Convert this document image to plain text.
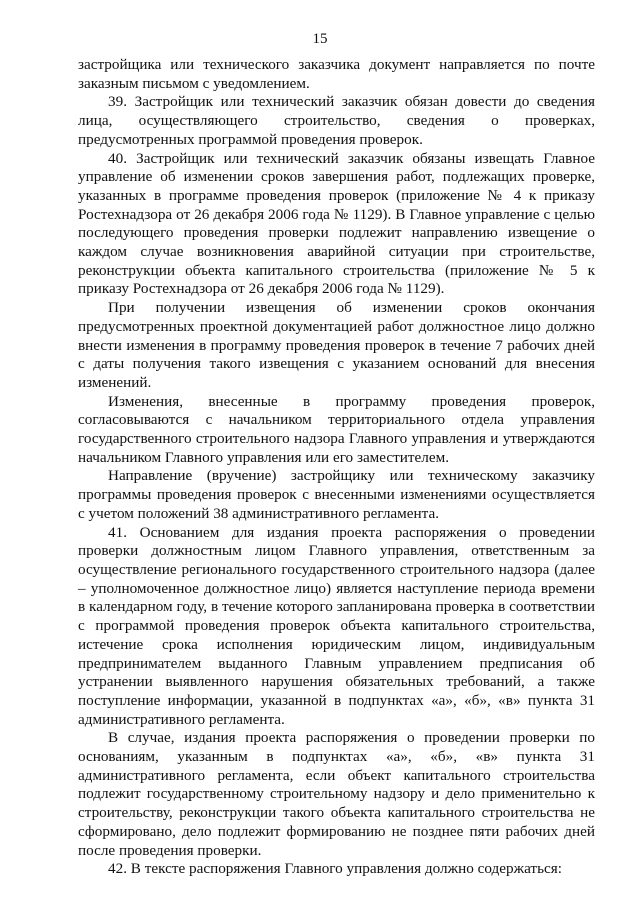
15

застройщика или технического заказчика документ направляется по почте заказным письмом с уведомлением.

39. Застройщик или технический заказчик обязан довести до сведения лица, осуществляющего строительство, сведения о проверках, предусмотренных программой проведения проверок.

40. Застройщик или технический заказчик обязаны извещать Главное управление об изменении сроков завершения работ, подлежащих проверке, указанных в программе проведения проверок (приложение № 4 к приказу Ростехнадзора от 26 декабря 2006 года № 1129). В Главное управление с целью последующего проведения проверки подлежит направлению извещение о каждом случае возникновения аварийной ситуации при строительстве, реконструкции объекта капитального строительства (приложение № 5 к приказу Ростехнадзора от 26 декабря 2006 года № 1129).

При получении извещения об изменении сроков окончания предусмотренных проектной документацией работ должностное лицо должно внести изменения в программу проведения проверок в течение 7 рабочих дней с даты получения такого извещения с указанием оснований для внесения изменений.

Изменения, внесенные в программу проведения проверок, согласовываются с начальником территориального отдела управления государственного строительного надзора Главного управления и утверждаются начальником Главного управления или его заместителем.

Направление (вручение) застройщику или техническому заказчику программы проведения проверок с внесенными изменениями осуществляется с учетом положений 38 административного регламента.

41. Основанием для издания проекта распоряжения о проведении проверки должностным лицом Главного управления, ответственным за осуществление регионального государственного строительного надзора (далее – уполномоченное должностное лицо) является наступление периода времени в календарном году, в течение которого запланирована проверка в соответствии с программой проведения проверок объекта капитального строительства, истечение срока исполнения юридическим лицом, индивидуальным предпринимателем выданного Главным управлением предписания об устранении выявленного нарушения обязательных требований, а также поступление информации, указанной в подпунктах «а», «б», «в» пункта 31 административного регламента.

В случае, издания проекта распоряжения о проведении проверки по основаниям, указанным в подпунктах «а», «б», «в» пункта 31 административного регламента, если объект капитального строительства подлежит государственному строительному надзору и дело применительно к строительству, реконструкции такого объекта капитального строительства не сформировано, дело подлежит формированию не позднее пяти рабочих дней после проведения проверки.

42. В тексте распоряжения Главного управления должно содержаться:
